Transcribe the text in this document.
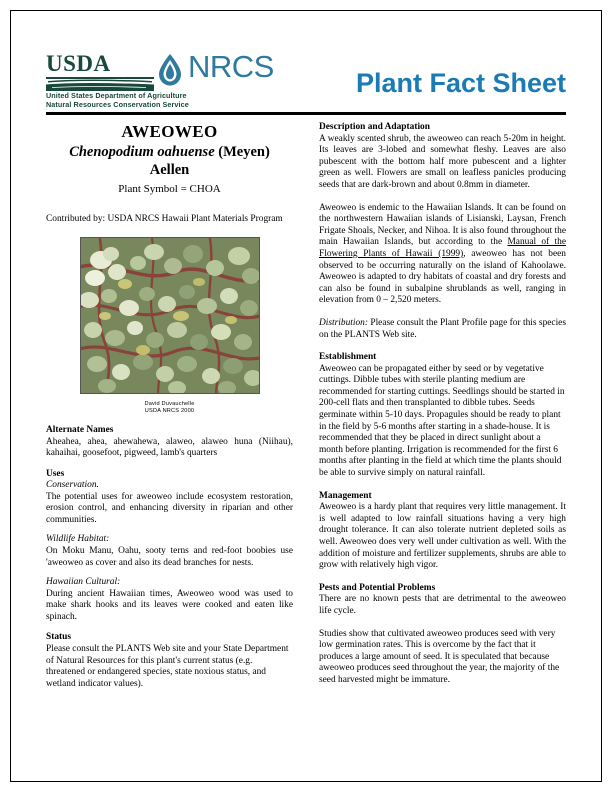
USDA	NRCS
United States Department of Agriculture
Natural Resources Conservation Service
Plant Fact Sheet
AWEOWEO
Chenopodium oahuense (Meyen)
Aellen
Plant Symbol = CHOA
Contributed by: USDA NRCS Hawaii Plant Materials Program
David Duvauchelle
USDA NRCS 2000
Alternate Names
Aheahea, ahea, ahewahewa, alaweo, alaweo huna (Niihau), kahaihai, goosefoot, pigweed, lamb's quarters
Uses
Conservation.
The potential uses for aweoweo include ecosystem restoration, erosion control, and enhancing diversity in riparian and other communities.
Wildlife Habitat:
On Moku Manu, Oahu, sooty terns and red-foot boobies use 'aweoweo as cover and also its dead branches for nests.
Hawaiian Cultural:
During ancient Hawaiian times, Aweoweo wood was used to make shark hooks and its leaves were cooked and eaten like spinach.
Status
Please consult the PLANTS Web site and your State Department of Natural Resources for this plant's current status (e.g. threatened or endangered species, state noxious status, and wetland indicator values).
Description and Adaptation
A weakly scented shrub, the aweoweo can reach 5-20m in height. Its leaves are 3-lobed and somewhat fleshy. Leaves are also pubescent with the bottom half more pubescent and a lighter green as well. Flowers are small on leafless panicles producing seeds that are dark-brown and about 0.8mm in diameter.
Aweoweo is endemic to the Hawaiian Islands. It can be found on the northwestern Hawaiian islands of Lisianski, Laysan, French Frigate Shoals, Necker, and Nihoa. It is also found throughout the main Hawaiian Islands, but according to the Manual of the Flowering Plants of Hawaii (1999), aweoweo has not been observed to be occurring naturally on the island of Kahoolawe. Aweoweo is adapted to dry habitats of coastal and dry forests and can also be found in subalpine shrublands as well, ranging in elevation from 0 – 2,520 meters.
Distribution: Please consult the Plant Profile page for this species on the PLANTS Web site.
Establishment
Aweoweo can be propagated either by seed or by vegetative cuttings. Dibble tubes with sterile planting medium are recommended for starting cuttings. Seedlings should be started in 200-cell flats and then transplanted to dibble tubes. Seeds germinate within 5-10 days. Propagules should be ready to plant in the field by 5-6 months after starting in a shade-house. It is recommended that they be placed in direct sunlight about a month before planting. Irrigation is recommended for the first 6 months after planting in the field at which time the plants should be able to survive simply on natural rainfall.
Management
Aweoweo is a hardy plant that requires very little management. It is well adapted to low rainfall situations having a very high drought tolerance. It can also tolerate nutrient depleted soils as well. Aweoweo does very well under cultivation as well. With the addition of moisture and fertilizer supplements, shrubs are able to grow with relatively high vigor.
Pests and Potential Problems
There are no known pests that are detrimental to the aweoweo life cycle.
Studies show that cultivated aweoweo produces seed with very low germination rates. This is overcome by the fact that it produces a large amount of seed. It is speculated that because aweoweo produces seed throughout the year, the majority of the seed harvested might be immature.
